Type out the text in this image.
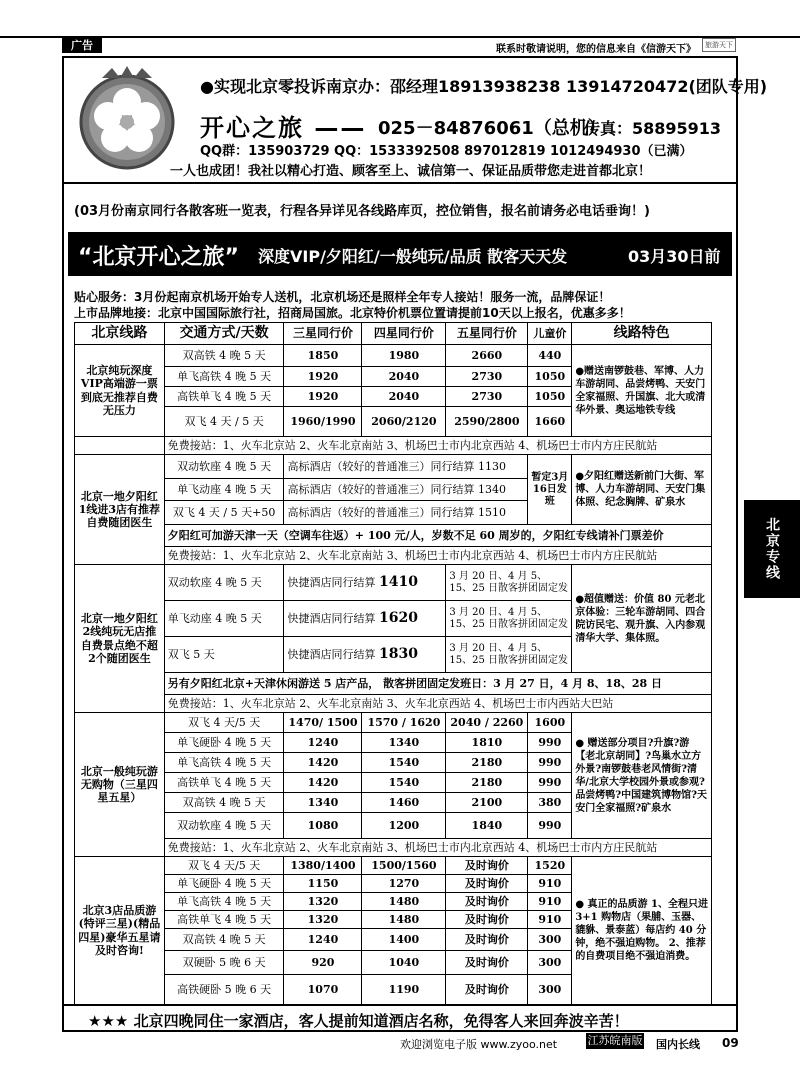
广告	联系时敬请说明，您的信息来自《信游天下》	旅游天下
●实现北京零投诉南京办：邵经理18913938238 13914720472(团队专用)
开心之旅 —— 025－84876061（总机）
传真：58895913
QQ群：135903729 QQ：1533392508 897012819 1012494930（已满）
一人也成团！我社以精心打造、顾客至上、诚信第一、保证品质带您走进首都北京！
(03月份南京同行各散客班一览表，行程各异详见各线路库页，控位销售，报名前请务必电话垂询！)
“北京开心之旅” 深度VIP/夕阳红/一般纯玩/品质 散客天天发	03月30日前
贴心服务：3月份起南京机场开始专人送机，北京机场还是照样全年专人接站！服务一流，品牌保证！
上市品牌地接：北京中国国际旅行社，招商局国旅。北京特价机票位置请提前10天以上报名，优惠多多！
北京线路	交通方式/天数	三星同行价	四星同行价	五星同行价	儿童价	线路特色
北京纯玩深度VIP高端游一票到底无推荐自费无压力	双高铁 4 晚 5 天	1850	1980	2660	440	●赠送南锣鼓巷、军博、人力车游胡同、品尝烤鸭、天安门全家福照、升国旗、北大或清华外景、奥运地铁专线
	单飞高铁 4 晚 5 天	1920	2040	2730	1050	
	高铁单飞 4 晚 5 天	1920	2040	2730	1050	
	双飞 4 天 / 5 天	1960/1990	2060/2120	2590/2800	1660	
	免费接站：1、火车北京站 2、火车北京南站 3、机场巴士市内北京西站 4、机场巴士市内方庄民航站					
北京一地夕阳红1线进3店有推荐自费随团医生	双动软座 4 晚 5 天	高标酒店（较好的普通准三）同行结算 1130			暂定3月16日发班	●夕阳红赠送新前门大街、军博、人力车游胡同、天安门集体照、纪念胸牌、矿泉水
	单飞动座 4 晚 5 天	高标酒店（较好的普通准三）同行结算 1340				
	双飞 4 天 / 5 天+50	高标酒店（较好的普通准三）同行结算 1510				
	夕阳红可加游天津一天（空调车往返）+ 100 元/人，岁数不足 60 周岁的，夕阳红专线请补门票差价					
	免费接站：1、火车北京站 2、火车北京南站 3、机场巴士市内北京西站 4、机场巴士市内方庄民航站					
北京一地夕阳红2线纯玩无店推自费景点绝不超2个随团医生	双动软座 4 晚 5 天	快捷酒店同行结算 1410		3 月 20 日、4 月 5、15、25 日散客拼团固定发		●超值赠送：价值 80 元老北京体验：三轮车游胡同、四合院访民宅、观升旗、入内参观清华大学、集体照。
	单飞动座 4 晚 5 天	快捷酒店同行结算 1620		3 月 20 日、4 月 5、15、25 日散客拼团固定发		
	双飞 5 天	快捷酒店同行结算 1830		3 月 20 日、4 月 5、15、25 日散客拼团固定发		
	另有夕阳红北京+天津休闲游送 5 店产品， 散客拼团固定发班日：3 月 27 日，4 月 8、18、28 日					
	免费接站：1、火车北京站 2、火车北京南站 3、火车北京西站 4、机场巴士市内西站大巴站					
北京一般纯玩游无购物（三星四星五星）	双飞 4 天/5 天	1470/ 1500	1570 / 1620	2040 / 2260	1600	● 赠送部分项目?升旗?游【老北京胡同】?鸟巢水立方外景?南锣鼓巷老风情街?清华/北京大学校园外景或参观?品尝烤鸭?中国建筑博物馆?天安门全家福照?矿泉水
	单飞硬卧 4 晚 5 天	1240	1340	1810	990	
	单飞高铁 4 晚 5 天	1420	1540	2180	990	
	高铁单飞 4 晚 5 天	1420	1540	2180	990	
	双高铁 4 晚 5 天	1340	1460	2100	380	
	双动软座 4 晚 5 天	1080	1200	1840	990	
	免费接站：1、火车北京站 2、火车北京南站 3、机场巴士市内北京西站 4、机场巴士市内方庄民航站					
北京3店品质游(特评三星)(精品四星)豪华五星请及时咨询!	双飞 4 天/5 天	1380/1400	1500/1560	及时询价	1520	● 真正的品质游 1、全程只进 3+1 购物店（果脯、玉器、貔貅、景泰蓝）每店约 40 分钟，绝不强迫购物。 2、推荐的自费项目绝不强迫消费。
	单飞硬卧 4 晚 5 天	1150	1270	及时询价	910	
	单飞高铁 4 晚 5 天	1320	1480	及时询价	910	
	高铁单飞 4 晚 5 天	1320	1480	及时询价	910	
	双高铁 4 晚 5 天	1240	1400	及时询价	300	
	双硬卧 5 晚 6 天	920	1040	及时询价	300	
	高铁硬卧 5 晚 6 天	1070	1190	及时询价	300	
★★★ 北京四晚同住一家酒店，客人提前知道酒店名称，免得客人来回奔波辛苦！
欢迎浏览电子版 www.zyoo.net	江苏皖南版 国内长线 09
北京专线
